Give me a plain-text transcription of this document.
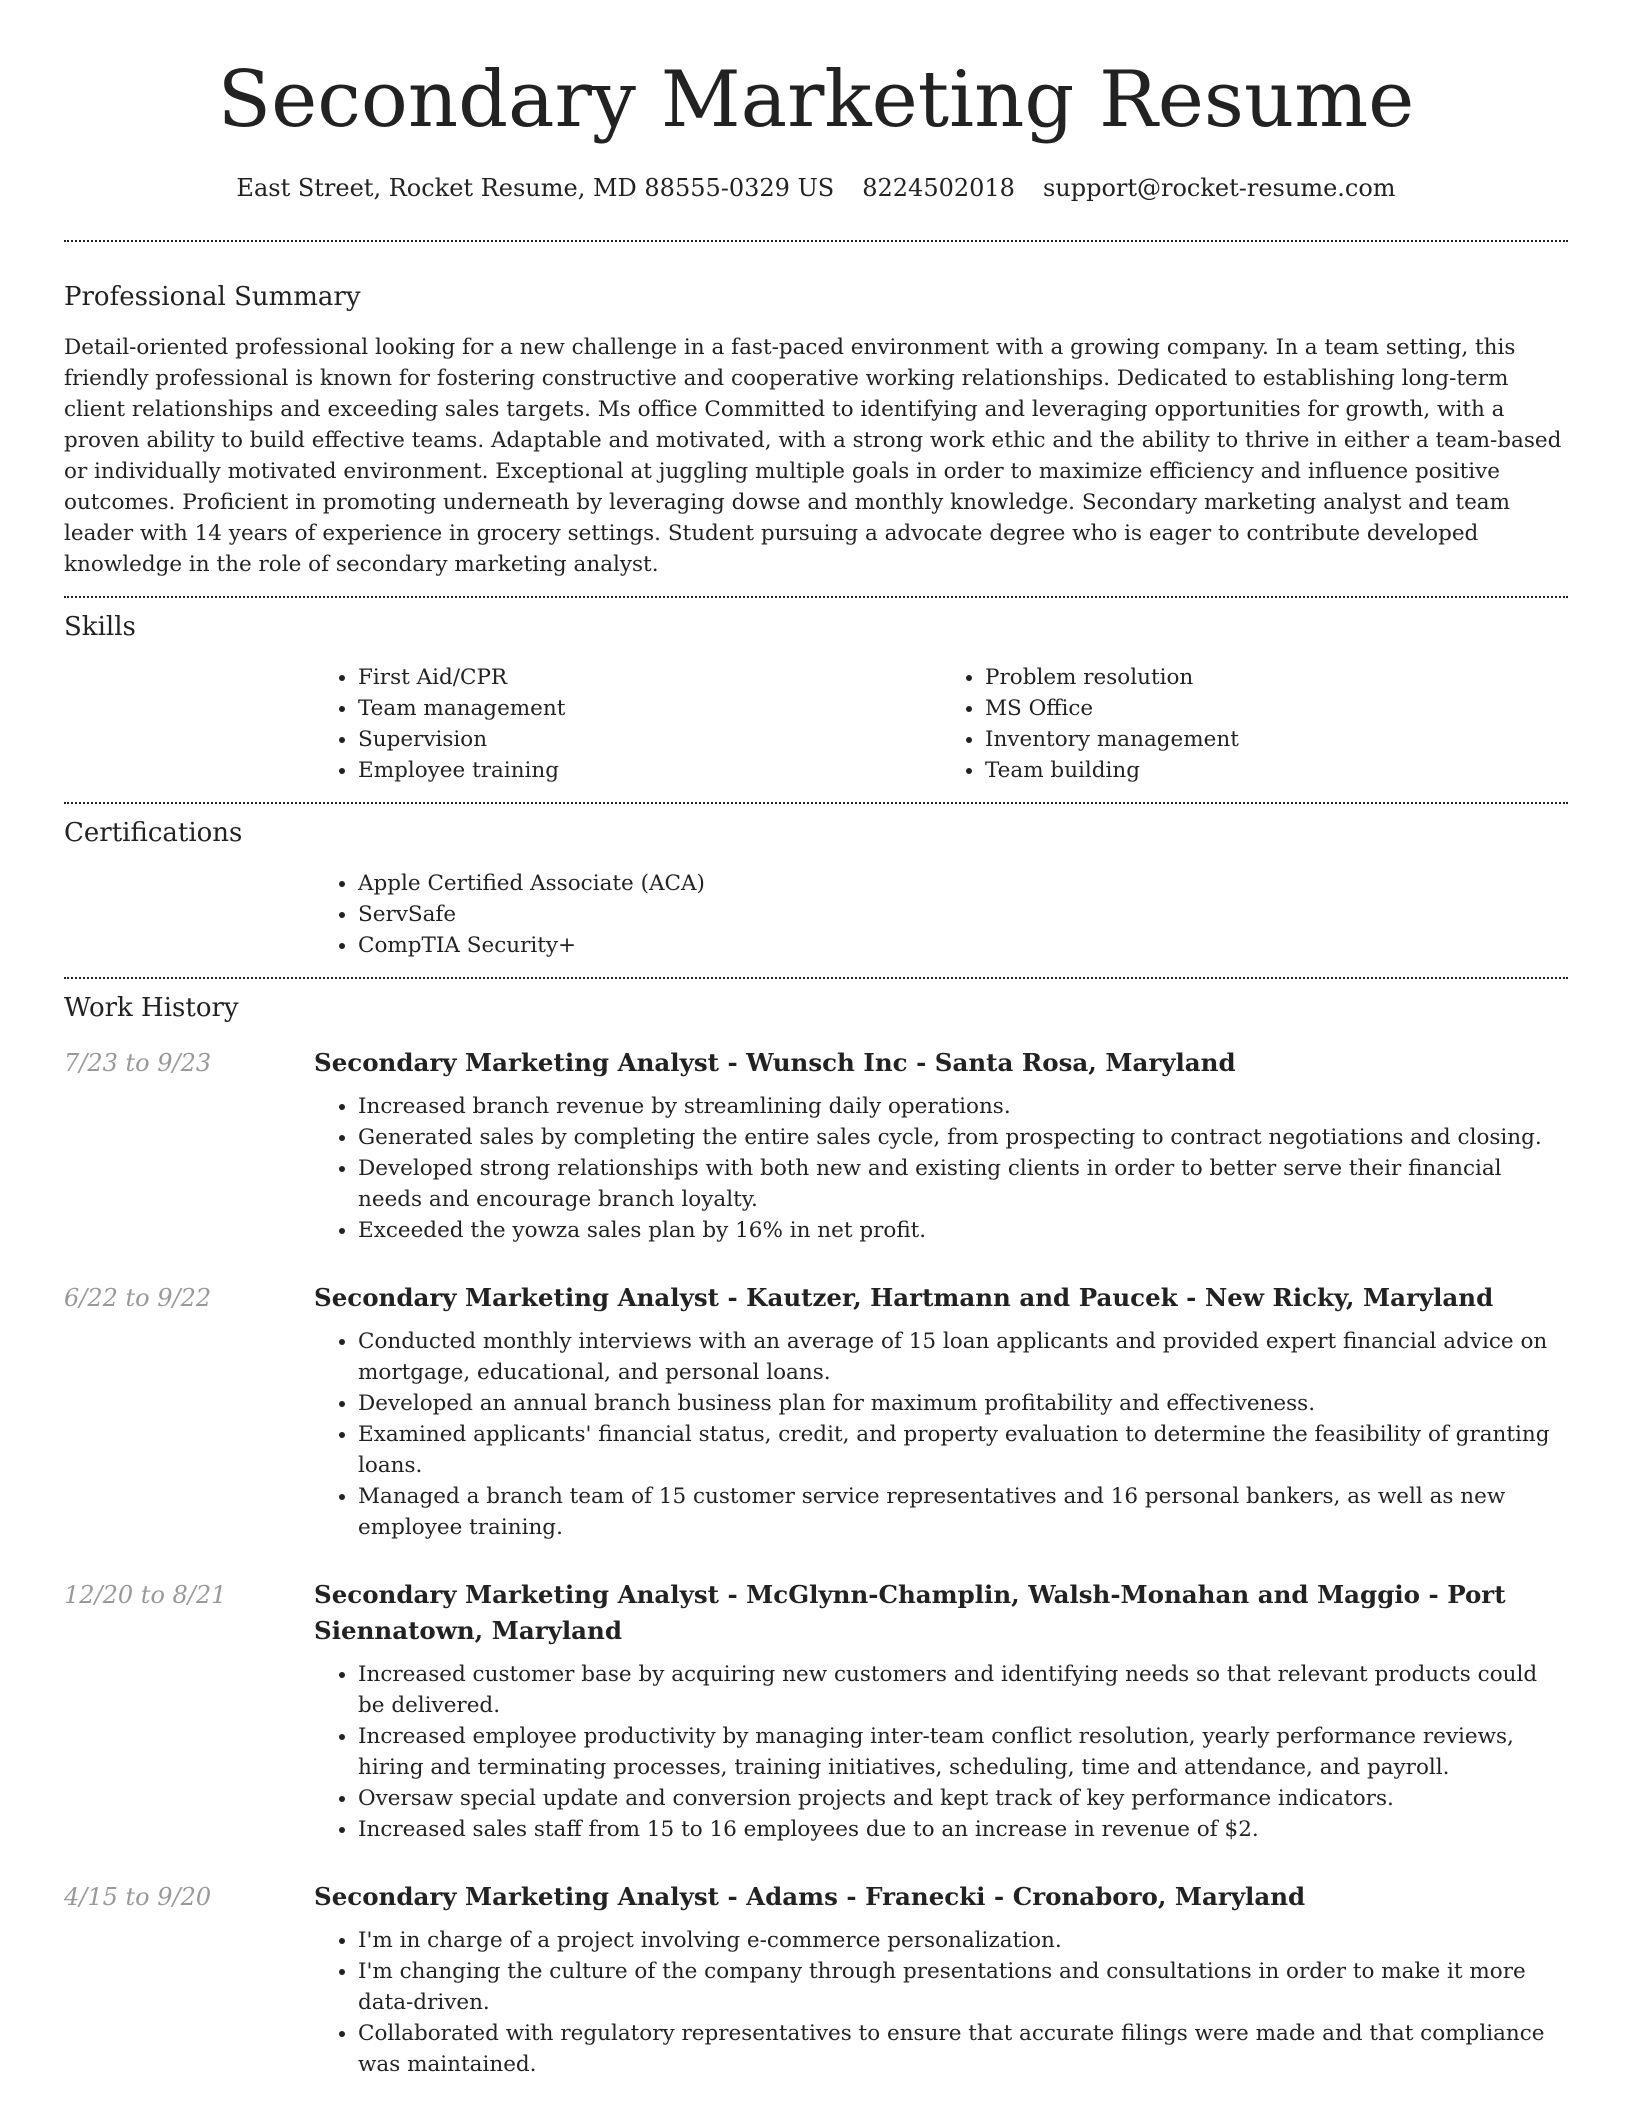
Secondary Marketing Resume
East Street, Rocket Resume, MD 88555-0329 US 8224502018 support@rocket-resume.com
Professional Summary

Detail-oriented professional looking for a new challenge in a fast-paced environment with a growing company. In a team setting, this friendly professional is known for fostering constructive and cooperative working relationships. Dedicated to establishing long-term client relationships and exceeding sales targets. Ms office Committed to identifying and leveraging opportunities for growth, with a proven ability to build effective teams. Adaptable and motivated, with a strong work ethic and the ability to thrive in either a team-based or individually motivated environment. Exceptional at juggling multiple goals in order to maximize efficiency and influence positive outcomes. Proficient in promoting underneath by leveraging dowse and monthly knowledge. Secondary marketing analyst and team leader with 14 years of experience in grocery settings. Student pursuing a advocate degree who is eager to contribute developed knowledge in the role of secondary marketing analyst.

Skills
• First Aid/CPR
• Team management
• Supervision
• Employee training
• Problem resolution
• MS Office
• Inventory management
• Team building
Certifications
• Apple Certified Associate (ACA)
• ServSafe
• CompTIA Security+
Work History
7/23 to 9/23	Secondary Marketing Analyst - Wunsch Inc - Santa Rosa, Maryland
• Increased branch revenue by streamlining daily operations.
• Generated sales by completing the entire sales cycle, from prospecting to contract negotiations and closing.
• Developed strong relationships with both new and existing clients in order to better serve their financial needs and encourage branch loyalty.
• Exceeded the yowza sales plan by 16% in net profit.
6/22 to 9/22	Secondary Marketing Analyst - Kautzer, Hartmann and Paucek - New Ricky, Maryland
• Conducted monthly interviews with an average of 15 loan applicants and provided expert financial advice on mortgage, educational, and personal loans.
• Developed an annual branch business plan for maximum profitability and effectiveness.
• Examined applicants' financial status, credit, and property evaluation to determine the feasibility of granting loans.
• Managed a branch team of 15 customer service representatives and 16 personal bankers, as well as new employee training.
12/20 to 8/21	Secondary Marketing Analyst - McGlynn-Champlin, Walsh-Monahan and Maggio - Port Siennatown, Maryland
• Increased customer base by acquiring new customers and identifying needs so that relevant products could be delivered.
• Increased employee productivity by managing inter-team conflict resolution, yearly performance reviews, hiring and terminating processes, training initiatives, scheduling, time and attendance, and payroll.
• Oversaw special update and conversion projects and kept track of key performance indicators.
• Increased sales staff from 15 to 16 employees due to an increase in revenue of $2.
4/15 to 9/20	Secondary Marketing Analyst - Adams - Franecki - Cronaboro, Maryland
• I'm in charge of a project involving e-commerce personalization.
• I'm changing the culture of the company through presentations and consultations in order to make it more data-driven.
• Collaborated with regulatory representatives to ensure that accurate filings were made and that compliance was maintained.
